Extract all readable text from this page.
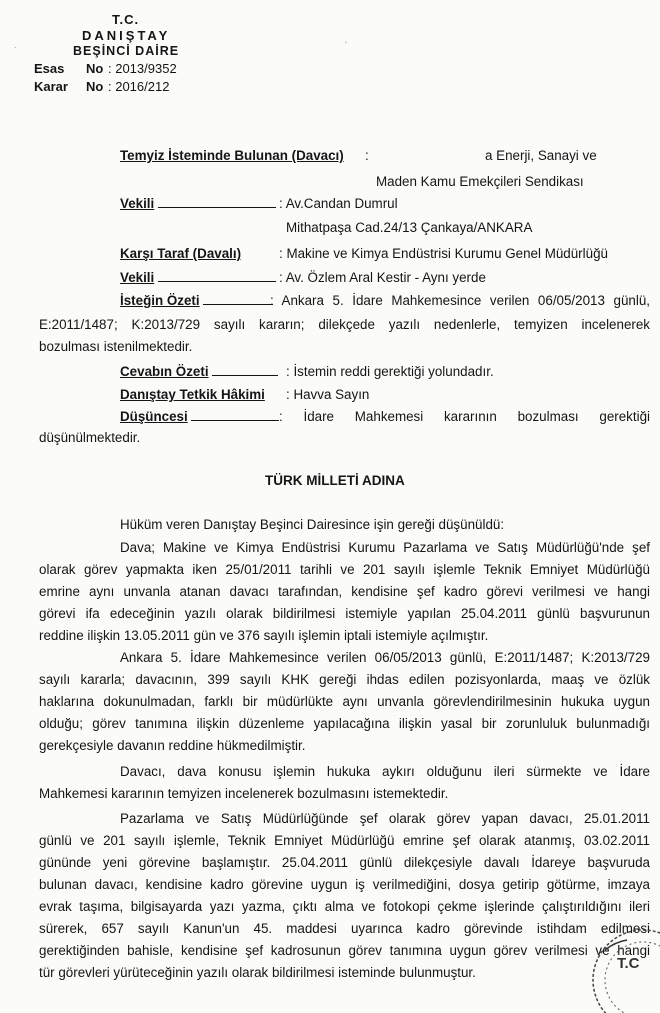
T.C.
DANIŞTAY
BEŞİNCİ DAİRE
Esas No : 2013/9352
Karar No : 2016/212
.	'
Temyiz İsteminde Bulunan (Davacı) :	a Enerji, Sanayi ve
Maden Kamu Emekçileri Sendikası
Vekili	: Av.Candan Dumrul
Mithatpaşa Cad.24/13 Çankaya/ANKARA
Karşı Taraf (Davalı)	: Makine ve Kimya Endüstrisi Kurumu Genel Müdürlüğü
Vekili	: Av. Özlem Aral Kestir - Aynı yerde
İsteğin Özeti	: Ankara 5. İdare Mahkemesince verilen 06/05/2013 günlü,
E:2011/1487; K:2013/729 sayılı kararın; dilekçede yazılı nedenlerle, temyizen incelenerek
bozulması istenilmektedir.
Cevabın Özeti	: İstemin reddi gerektiği yolundadır.
Danıştay Tetkik Hâkimi : Havva Sayın
Düşüncesi	: İdare Mahkemesi kararının bozulması gerektiği
düşünülmektedir.
TÜRK MİLLETİ ADINA
Hüküm veren Danıştay Beşinci Dairesince işin gereği düşünüldü:
Dava; Makine ve Kimya Endüstrisi Kurumu Pazarlama ve Satış Müdürlüğü'nde şef
olarak görev yapmakta iken 25/01/2011 tarihli ve 201 sayılı işlemle Teknik Emniyet Müdürlüğü
emrine aynı unvanla atanan davacı tarafından, kendisine şef kadro görevi verilmesi ve hangi
görevi ifa edeceğinin yazılı olarak bildirilmesi istemiyle yapılan 25.04.2011 günlü başvurunun
reddine ilişkin 13.05.2011 gün ve 376 sayılı işlemin iptali istemiyle açılmıştır.
Ankara 5. İdare Mahkemesince verilen 06/05/2013 günlü, E:2011/1487; K:2013/729
sayılı kararla; davacının, 399 sayılı KHK gereği ihdas edilen pozisyonlarda, maaş ve özlük
haklarına dokunulmadan, farklı bir müdürlükte aynı unvanla görevlendirilmesinin hukuka uygun
olduğu; görev tanımına ilişkin düzenleme yapılacağına ilişkin yasal bir zorunluluk bulunmadığı
gerekçesiyle davanın reddine hükmedilmiştir.
Davacı, dava konusu işlemin hukuka aykırı olduğunu ileri sürmekte ve İdare
Mahkemesi kararının temyizen incelenerek bozulmasını istemektedir.
Pazarlama ve Satış Müdürlüğünde şef olarak görev yapan davacı, 25.01.2011
günlü ve 201 sayılı işlemle, Teknik Emniyet Müdürlüğü emrine şef olarak atanmış, 03.02.2011
gününde yeni görevine başlamıştır. 25.04.2011 günlü dilekçesiyle davalı İdareye başvuruda
bulunan davacı, kendisine kadro görevine uygun iş verilmediğini, dosya getirip götürme, imzaya
evrak taşıma, bilgisayarda yazı yazma, çıktı alma ve fotokopi çekme işlerinde çalıştırıldığını ileri
sürerek, 657 sayılı Kanun'un 45. maddesi uyarınca kadro görevinde istihdam edilmesi
gerektiğinden bahisle, kendisine şef kadrosunun görev tanımına uygun görev verilmesi ve hangi
tür görevleri yürüteceğinin yazılı olarak bildirilmesi isteminde bulunmuştur.
T.C
